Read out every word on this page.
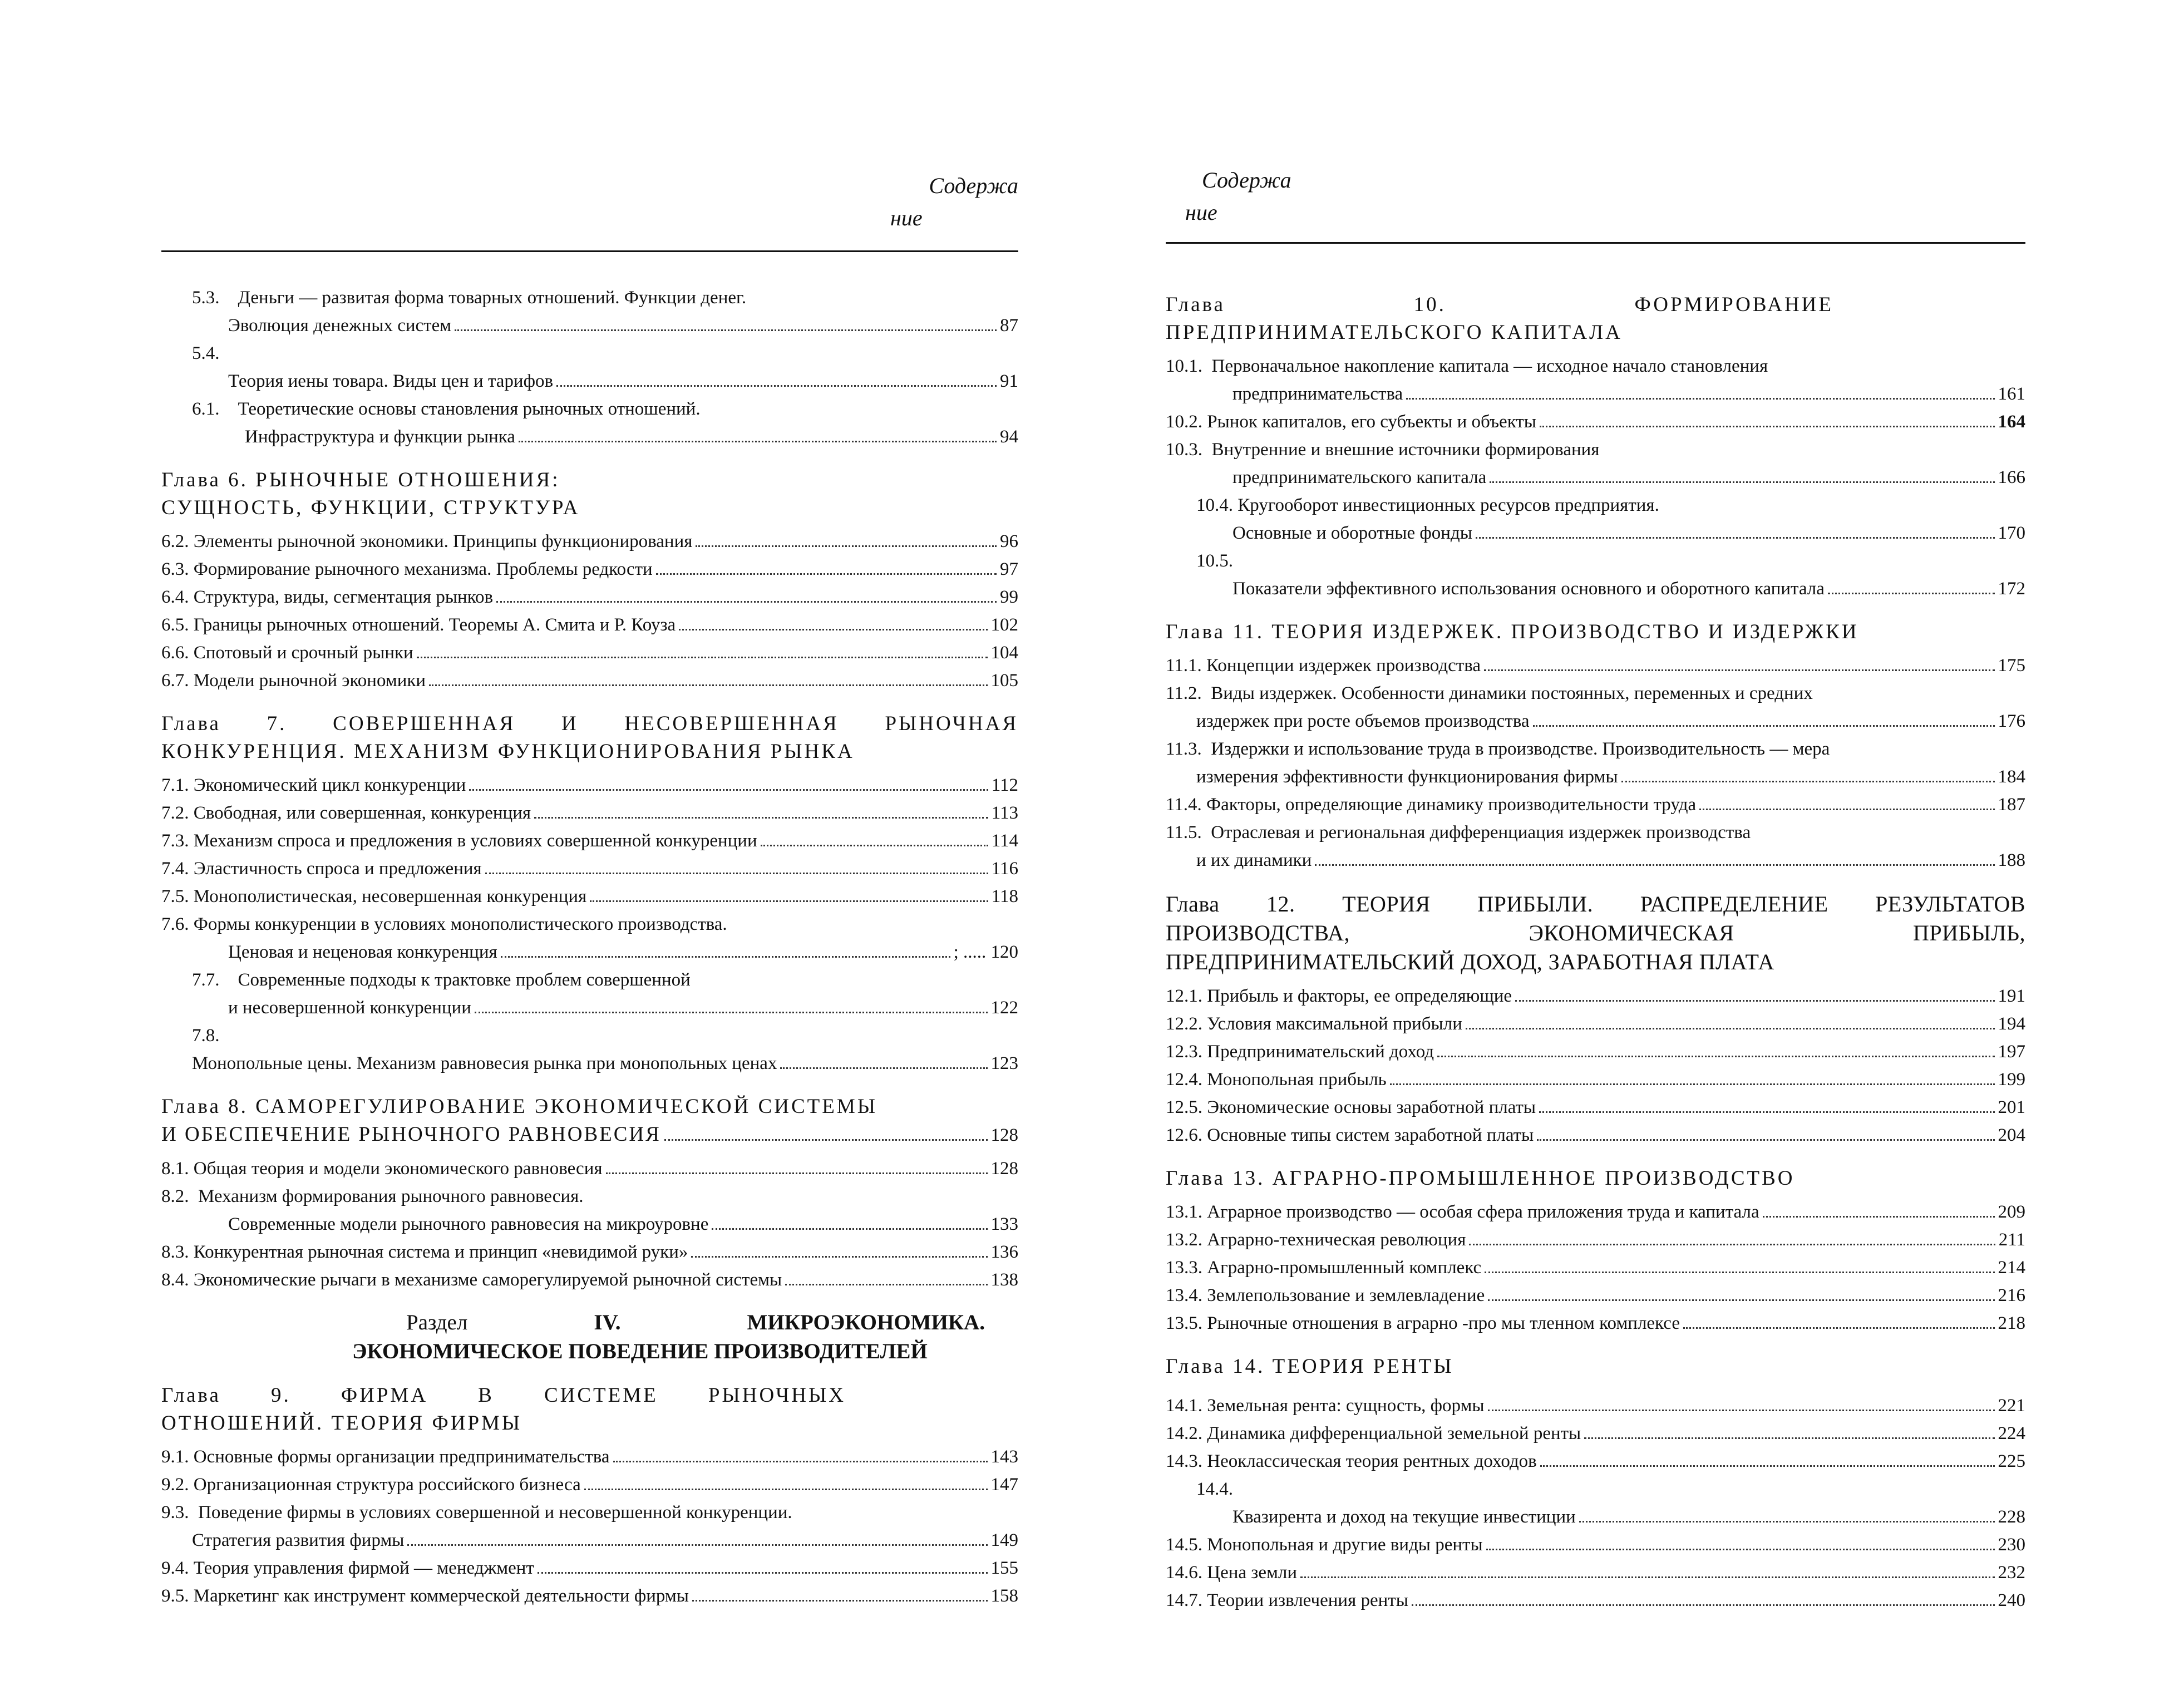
Содержа
ние
5.3.    Деньги — развитая форма товарных отношений. Функции денег.
Эволюция денежных систем	87
5.4.
Теория иены товара. Виды цен и тарифов	91
6.1.    Теоретические основы становления рыночных отношений.
Инфраструктура и функции рынка	94
Глава 6. РЫНОЧНЫЕ ОТНОШЕНИЯ:
СУЩНОСТЬ, ФУНКЦИИ, СТРУКТУРА
6.2. Элементы рыночной экономики. Принципы функционирования	96
6.3. Формирование рыночного механизма. Проблемы редкости	97
6.4. Структура, виды, сегментация рынков	99
6.5. Границы рыночных отношений. Теоремы А. Смита и Р. Коуза	102
6.6. Спотовый и срочный рынки	104
6.7. Модели рыночной экономики	105
Глава 7. СОВЕРШЕННАЯ И НЕСОВЕРШЕННАЯ РЫНОЧНАЯ
КОНКУРЕНЦИЯ. МЕХАНИЗМ ФУНКЦИОНИРОВАНИЯ РЫНКА
7.1. Экономический цикл конкуренции	112
7.2. Свободная, или совершенная, конкуренция	113
7.3. Механизм спроса и предложения в условиях совершенной конкуренции	114
7.4. Эластичность спроса и предложения	116
7.5. Монополистическая, несовершенная конкуренция	118
7.6. Формы конкуренции в условиях монополистического производства.
Ценовая и неценовая конкуренция	; ..... 120
7.7.    Современные подходы к трактовке проблем совершенной
и несовершенной конкуренции	122
7.8.
Монопольные цены. Механизм равновесия рынка при монопольных ценах	123
Глава 8. САМОРЕГУЛИРОВАНИЕ ЭКОНОМИЧЕСКОЙ СИСТЕМЫ
И ОБЕСПЕЧЕНИЕ РЫНОЧНОГО РАВНОВЕСИЯ	128
8.1. Общая теория и модели экономического равновесия	128
8.2.  Механизм формирования рыночного равновесия.
Современные модели рыночного равновесия на микроуровне	133
8.3. Конкурентная рыночная система и принцип «невидимой руки»	136
8.4. Экономические рычаги в механизме саморегулируемой рыночной системы	138
Раздел	IV.	МИКРОЭКОНОМИКА.
ЭКОНОМИЧЕСКОЕ ПОВЕДЕНИЕ ПРОИЗВОДИТЕЛЕЙ
Глава 9. ФИРМА В СИСТЕМЕ РЫНОЧНЫХ
ОТНОШЕНИЙ. ТЕОРИЯ ФИРМЫ
9.1. Основные формы организации предпринимательства	143
9.2. Организационная структура российского бизнеса	147
9.3.  Поведение фирмы в условиях совершенной и несовершенной конкуренции.
Стратегия развития фирмы	149
9.4. Теория управления фирмой — менеджмент	155
9.5. Маркетинг как инструмент коммерческой деятельности фирмы	158
Содержа
ние
Глава 10. ФОРМИРОВАНИЕ
ПРЕДПРИНИМАТЕЛЬСКОГО КАПИТАЛА
10.1.  Первоначальное накопление капитала — исходное начало становления
предпринимательства	161
10.2. Рынок капиталов, его субъекты и объекты	164
10.3.  Внутренние и внешние источники формирования
предпринимательского капитала	166
10.4. Кругооборот инвестиционных ресурсов предприятия.
Основные и оборотные фонды	170
10.5.
Показатели эффективного использования основного и оборотного капитала	172
Глава 11. ТЕОРИЯ ИЗДЕРЖЕК. ПРОИЗВОДСТВО И ИЗДЕРЖКИ
11.1. Концепции издержек производства	175
11.2.  Виды издержек. Особенности динамики постоянных, переменных и средних
издержек при росте объемов производства	176
11.3.  Издержки и использование труда в производстве. Производительность — мера
измерения эффективности функционирования фирмы	184
11.4. Факторы, определяющие динамику производительности труда	187
11.5.  Отраслевая и региональная дифференциация издержек производства
и их динамики	188
Глава 12. ТЕОРИЯ ПРИБЫЛИ. РАСПРЕДЕЛЕНИЕ РЕЗУЛЬТАТОВ
ПРОИЗВОДСТВА, ЭКОНОМИЧЕСКАЯ ПРИБЫЛЬ,
ПРЕДПРИНИМАТЕЛЬСКИЙ ДОХОД, ЗАРАБОТНАЯ ПЛАТА
12.1. Прибыль и факторы, ее определяющие	191
12.2. Условия максимальной прибыли	194
12.3. Предпринимательский доход	197
12.4. Монопольная прибыль	199
12.5. Экономические основы заработной платы	201
12.6. Основные типы систем заработной платы	204
Глава 13. АГРАРНО-ПРОМЫШЛЕННОЕ ПРОИЗВОДСТВО
13.1. Аграрное производство — особая сфера приложения труда и капитала	209
13.2. Аграрно-техническая революция	211
13.3. Аграрно-промышленный комплекс	214
13.4. Землепользование и землевладение	216
13.5. Рыночные отношения в аграрно -про мы тленном комплексе	218
Глава 14. ТЕОРИЯ РЕНТЫ
14.1. Земельная рента: сущность, формы	221
14.2. Динамика дифференциальной земельной ренты	224
14.3. Неоклассическая теория рентных доходов	225
14.4.
Квазирента и доход на текущие инвестиции	228
14.5. Монопольная и другие виды ренты	230
14.6. Цена земли	232
14.7. Теории извлечения ренты	240
